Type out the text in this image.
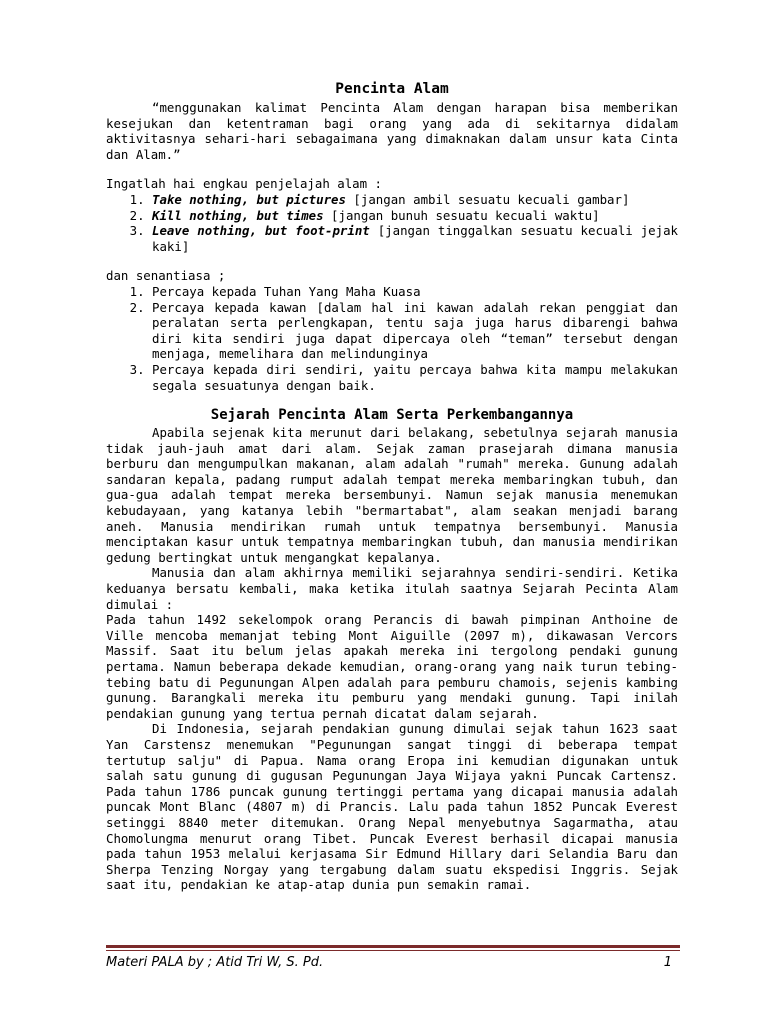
Pencinta Alam

“menggunakan kalimat Pencinta Alam dengan harapan bisa memberikan kesejukan dan ketentraman bagi orang yang ada di sekitarnya didalam aktivitasnya sehari-hari sebagaimana yang dimaknakan dalam unsur kata Cinta dan Alam.”

Ingatlah hai engkau penjelajah alam :

1. Take nothing, but pictures [jangan ambil sesuatu kecuali gambar]
2. Kill nothing, but times [jangan bunuh sesuatu kecuali waktu]
3. Leave nothing, but foot-print [jangan tinggalkan sesuatu kecuali jejak kaki]

dan senantiasa ;

1. Percaya kepada Tuhan Yang Maha Kuasa
2. Percaya kepada kawan [dalam hal ini kawan adalah rekan penggiat dan peralatan serta perlengkapan, tentu saja juga harus dibarengi bahwa diri kita sendiri juga dapat dipercaya oleh “teman” tersebut dengan menjaga, memelihara dan melindunginya
3. Percaya kepada diri sendiri, yaitu percaya bahwa kita mampu melakukan segala sesuatunya dengan baik.
Sejarah Pencinta Alam Serta Perkembangannya

Apabila sejenak kita merunut dari belakang, sebetulnya sejarah manusia tidak jauh-jauh amat dari alam. Sejak zaman prasejarah dimana manusia berburu dan mengumpulkan makanan, alam adalah "rumah" mereka. Gunung adalah sandaran kepala, padang rumput adalah tempat mereka membaringkan tubuh, dan gua-gua adalah tempat mereka bersembunyi. Namun sejak manusia menemukan kebudayaan, yang katanya lebih "bermartabat", alam seakan menjadi barang aneh. Manusia mendirikan rumah untuk tempatnya bersembunyi. Manusia menciptakan kasur untuk tempatnya membaringkan tubuh, dan manusia mendirikan gedung bertingkat untuk mengangkat kepalanya.

Manusia dan alam akhirnya memiliki sejarahnya sendiri-sendiri. Ketika keduanya bersatu kembali, maka ketika itulah saatnya Sejarah Pecinta Alam dimulai :

Pada tahun 1492 sekelompok orang Perancis di bawah pimpinan Anthoine de Ville mencoba memanjat tebing Mont Aiguille (2097 m), dikawasan Vercors Massif. Saat itu belum jelas apakah mereka ini tergolong pendaki gunung pertama. Namun beberapa dekade kemudian, orang-orang yang naik turun tebing-tebing batu di Pegunungan Alpen adalah para pemburu chamois, sejenis kambing gunung. Barangkali mereka itu pemburu yang mendaki gunung. Tapi inilah pendakian gunung yang tertua pernah dicatat dalam sejarah.

Di Indonesia, sejarah pendakian gunung dimulai sejak tahun 1623 saat Yan Carstensz menemukan "Pegunungan sangat tinggi di beberapa tempat tertutup salju" di Papua. Nama orang Eropa ini kemudian digunakan untuk salah satu gunung di gugusan Pegunungan Jaya Wijaya yakni Puncak Cartensz. Pada tahun 1786 puncak gunung tertinggi pertama yang dicapai manusia adalah puncak Mont Blanc (4807 m) di Prancis. Lalu pada tahun 1852 Puncak Everest setinggi 8840 meter ditemukan. Orang Nepal menyebutnya Sagarmatha, atau Chomolungma menurut orang Tibet. Puncak Everest berhasil dicapai manusia pada tahun 1953 melalui kerjasama Sir Edmund Hillary dari Selandia Baru dan Sherpa Tenzing Norgay yang tergabung dalam suatu ekspedisi Inggris. Sejak saat itu, pendakian ke atap-atap dunia pun semakin ramai.

Materi PALA by ; Atid Tri W, S. Pd.	1
